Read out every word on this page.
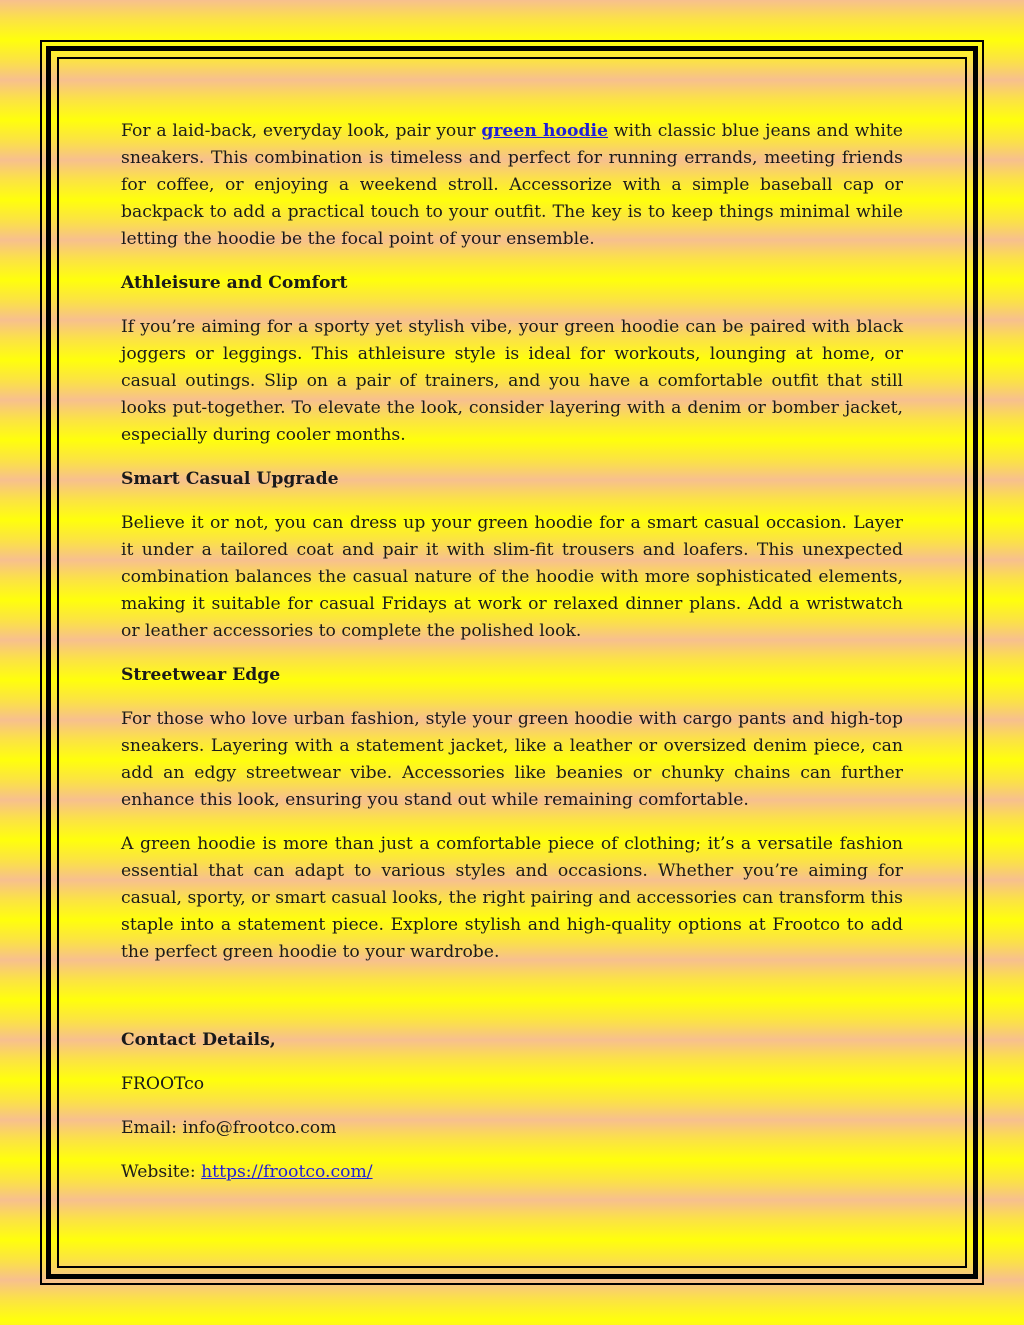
For a laid-back, everyday look, pair your green hoodie with classic blue jeans and white sneakers. This combination is timeless and perfect for running errands, meeting friends for coffee, or enjoying a weekend stroll. Accessorize with a simple baseball cap or backpack to add a practical touch to your outfit. The key is to keep things minimal while letting the hoodie be the focal point of your ensemble.

Athleisure and Comfort

If you’re aiming for a sporty yet stylish vibe, your green hoodie can be paired with black joggers or leggings. This athleisure style is ideal for workouts, lounging at home, or casual outings. Slip on a pair of trainers, and you have a comfortable outfit that still looks put-together. To elevate the look, consider layering with a denim or bomber jacket, especially during cooler months.

Smart Casual Upgrade

Believe it or not, you can dress up your green hoodie for a smart casual occasion. Layer it under a tailored coat and pair it with slim-fit trousers and loafers. This unexpected combination balances the casual nature of the hoodie with more sophisticated elements, making it suitable for casual Fridays at work or relaxed dinner plans. Add a wristwatch or leather accessories to complete the polished look.

Streetwear Edge

For those who love urban fashion, style your green hoodie with cargo pants and high-top sneakers. Layering with a statement jacket, like a leather or oversized denim piece, can add an edgy streetwear vibe. Accessories like beanies or chunky chains can further enhance this look, ensuring you stand out while remaining comfortable.

A green hoodie is more than just a comfortable piece of clothing; it’s a versatile fashion essential that can adapt to various styles and occasions. Whether you’re aiming for casual, sporty, or smart casual looks, the right pairing and accessories can transform this staple into a statement piece. Explore stylish and high-quality options at Frootco to add the perfect green hoodie to your wardrobe.

Contact Details,

FROOTco

Email: info@frootco.com

Website: https://frootco.com/
